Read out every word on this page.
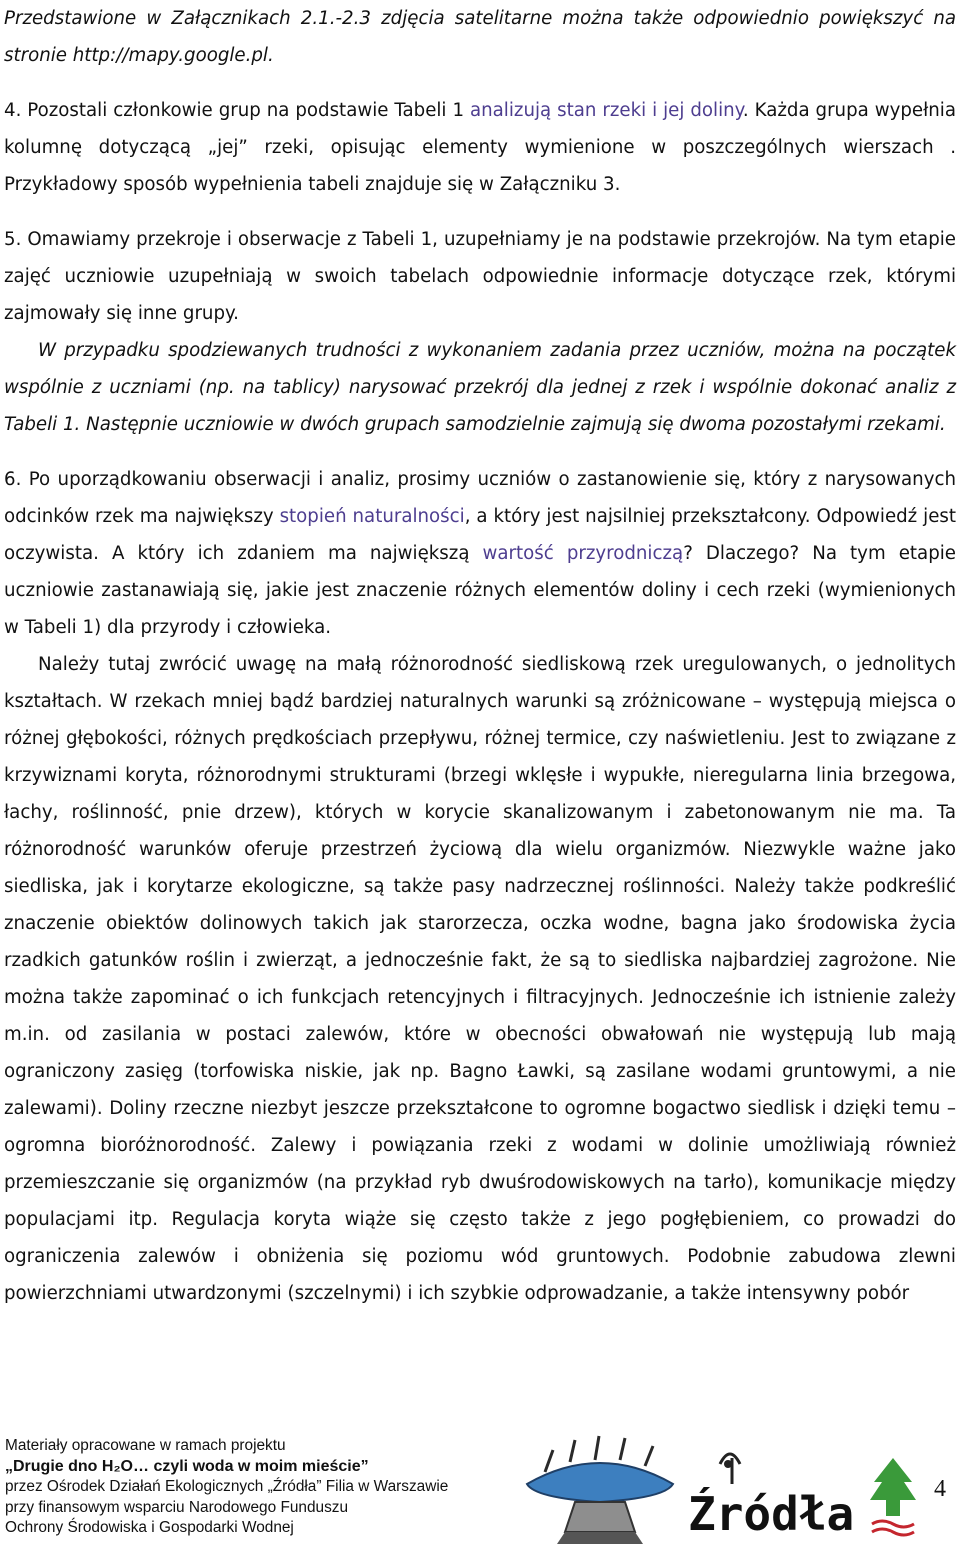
Przedstawione w Załącznikach 2.1.-2.3 zdjęcia satelitarne można także odpowiednio powiększyć na stronie http://mapy.google.pl.

4. Pozostali członkowie grup na podstawie Tabeli 1 analizują stan rzeki i jej doliny. Każda grupa wypełnia kolumnę dotyczącą „jej” rzeki, opisując elementy wymienione w poszczególnych wierszach . Przykładowy sposób wypełnienia tabeli znajduje się w Załączniku 3.

5. Omawiamy przekroje i obserwacje z Tabeli 1, uzupełniamy je na podstawie przekrojów. Na tym etapie zajęć uczniowie uzupełniają w swoich tabelach odpowiednie informacje dotyczące rzek, którymi zajmowały się inne grupy.

W przypadku spodziewanych trudności z wykonaniem zadania przez uczniów, można na początek wspólnie z uczniami (np. na tablicy) narysować przekrój dla jednej z rzek i wspólnie dokonać analiz z Tabeli 1. Następnie uczniowie w dwóch grupach samodzielnie zajmują się dwoma pozostałymi rzekami.

6. Po uporządkowaniu obserwacji i analiz, prosimy uczniów o zastanowienie się, który z narysowanych odcinków rzek ma największy stopień naturalności, a który jest najsilniej przekształcony. Odpowiedź jest oczywista. A który ich zdaniem ma największą wartość przyrodniczą? Dlaczego? Na tym etapie uczniowie zastanawiają się, jakie jest znaczenie różnych elementów doliny i cech rzeki (wymienionych w Tabeli 1) dla przyrody i człowieka.

Należy tutaj zwrócić uwagę na małą różnorodność siedliskową rzek uregulowanych, o jednolitych kształtach. W rzekach mniej bądź bardziej naturalnych warunki są zróżnicowane – występują miejsca o różnej głębokości, różnych prędkościach przepływu, różnej termice, czy naświetleniu. Jest to związane z krzywiznami koryta, różnorodnymi strukturami (brzegi wklęsłe i wypukłe, nieregularna linia brzegowa, łachy, roślinność, pnie drzew), których w korycie skanalizowanym i zabetonowanym nie ma. Ta różnorodność warunków oferuje przestrzeń życiową dla wielu organizmów. Niezwykle ważne jako siedliska, jak i korytarze ekologiczne, są także pasy nadrzecznej roślinności. Należy także podkreślić znaczenie obiektów dolinowych takich jak starorzecza, oczka wodne, bagna jako środowiska życia rzadkich gatunków roślin i zwierząt, a jednocześnie fakt, że są to siedliska najbardziej zagrożone. Nie można także zapominać o ich funkcjach retencyjnych i filtracyjnych. Jednocześnie ich istnienie zależy m.in. od zasilania w postaci zalewów, które w obecności obwałowań nie występują lub mają ograniczony zasięg (torfowiska niskie, jak np. Bagno Ławki, są zasilane wodami gruntowymi, a nie zalewami). Doliny rzeczne niezbyt jeszcze przekształcone to ogromne bogactwo siedlisk i dzięki temu – ogromna bioróżnorodność. Zalewy i powiązania rzeki z wodami w dolinie umożliwiają również przemieszczanie się organizmów (na przykład ryb dwuśrodowiskowych na tarło), komunikacje między populacjami itp. Regulacja koryta wiąże się często także z jego pogłębieniem, co prowadzi do ograniczenia zalewów i obniżenia się poziomu wód gruntowych. Podobnie zabudowa zlewni powierzchniami utwardzonymi (szczelnymi) i ich szybkie odprowadzanie, a także intensywny pobór

Materiały opracowane w ramach projektu
„Drugie dno H₂O… czyli woda w moim mieście”
przez Ośrodek Działań Ekologicznych „Źródła” Filia w Warszawie
przy finansowym wsparciu Narodowego Funduszu
Ochrony Środowiska i Gospodarki Wodnej	Źródła	4
